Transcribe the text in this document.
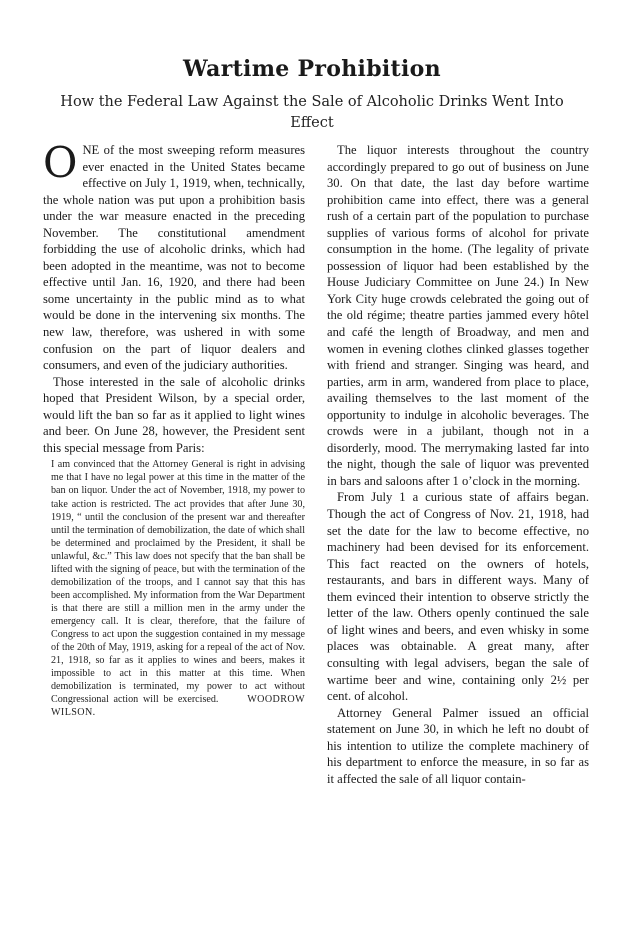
Wartime Prohibition
How the Federal Law Against the Sale of Alcoholic Drinks Went Into Effect

ONE of the most sweeping reform measures ever enacted in the United States became effective on July 1, 1919, when, technically, the whole nation was put upon a prohibition basis under the war measure enacted in the preceding November. The constitutional amendment forbidding the use of alcoholic drinks, which had been adopted in the meantime, was not to become effective until Jan. 16, 1920, and there had been some uncertainty in the public mind as to what would be done in the intervening six months. The new law, therefore, was ushered in with some confusion on the part of liquor dealers and consumers, and even of the judiciary authorities.

Those interested in the sale of alcoholic drinks hoped that President Wilson, by a special order, would lift the ban so far as it applied to light wines and beer. On June 28, however, the President sent this special message from Paris:

I am convinced that the Attorney General is right in advising me that I have no legal power at this time in the matter of the ban on liquor. Under the act of November, 1918, my power to take action is restricted. The act provides that after June 30, 1919, “ until the conclusion of the present war and thereafter until the termination of demobilization, the date of which shall be determined and proclaimed by the President, it shall be unlawful, &c.” This law does not specify that the ban shall be lifted with the signing of peace, but with the termination of the demobilization of the troops, and I cannot say that this has been accomplished. My information from the War Department is that there are still a million men in the army under the emergency call. It is clear, therefore, that the failure of Congress to act upon the suggestion contained in my message of the 20th of May, 1919, asking for a repeal of the act of Nov. 21, 1918, so far as it applies to wines and beers, makes it impossible to act in this matter at this time. When demobilization is terminated, my power to act without Congressional action will be exercised.	WOODROW WILSON.

The liquor interests throughout the country accordingly prepared to go out of business on June 30. On that date, the last day before wartime prohibition came into effect, there was a general rush of a certain part of the population to purchase supplies of various forms of alcohol for private consumption in the home. (The legality of private possession of liquor had been established by the House Judiciary Committee on June 24.) In New York City huge crowds celebrated the going out of the old régime; theatre parties jammed every hôtel and café the length of Broadway, and men and women in evening clothes clinked glasses together with friend and stranger. Singing was heard, and parties, arm in arm, wandered from place to place, availing themselves to the last moment of the opportunity to indulge in alcoholic beverages. The crowds were in a jubilant, though not in a disorderly, mood. The merrymaking lasted far into the night, though the sale of liquor was prevented in bars and saloons after 1 o’clock in the morning.

From July 1 a curious state of affairs began. Though the act of Congress of Nov. 21, 1918, had set the date for the law to become effective, no machinery had been devised for its enforcement. This fact reacted on the owners of hotels, restaurants, and bars in different ways. Many of them evinced their intention to observe strictly the letter of the law. Others openly continued the sale of light wines and beers, and even whisky in some places was obtainable. A great many, after consulting with legal advisers, began the sale of wartime beer and wine, containing only 2½ per cent. of alcohol.

Attorney General Palmer issued an official statement on June 30, in which he left no doubt of his intention to utilize the complete machinery of his department to enforce the measure, in so far as it affected the sale of all liquor contain-
